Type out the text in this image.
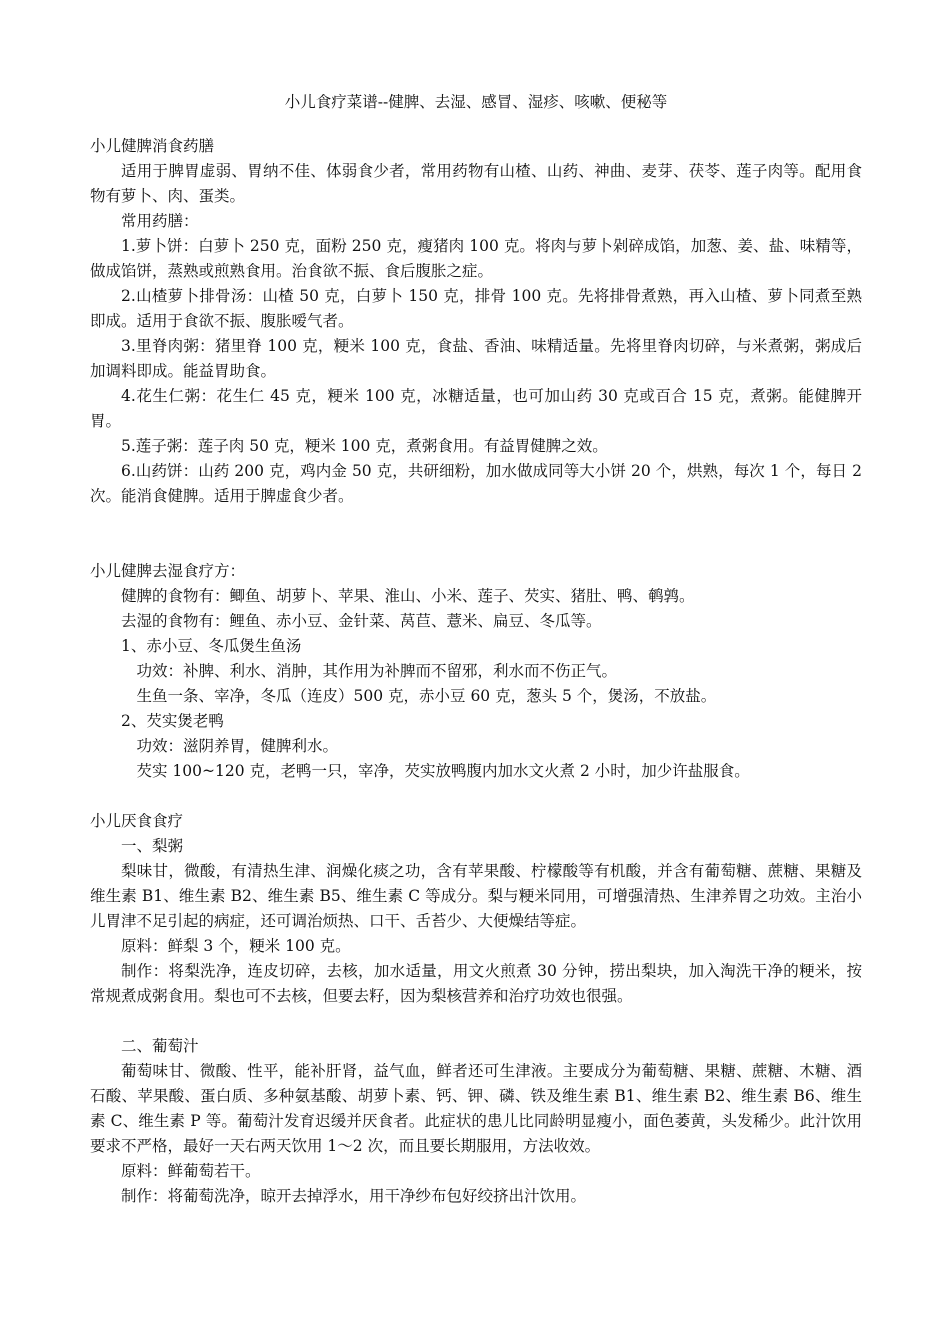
小儿食疗菜谱--健脾、去湿、感冒、湿疹、咳嗽、便秘等
小儿健脾消食药膳
适用于脾胃虚弱、胃纳不佳、体弱食少者，常用药物有山楂、山药、神曲、麦芽、茯苓、莲子肉等。配用食物有萝卜、肉、蛋类。
常用药膳：
1.萝卜饼：白萝卜 250 克，面粉 250 克，瘦猪肉 100 克。将肉与萝卜剁碎成馅，加葱、姜、盐、味精等，做成馅饼，蒸熟或煎熟食用。治食欲不振、食后腹胀之症。
2.山楂萝卜排骨汤：山楂 50 克，白萝卜 150 克，排骨 100 克。先将排骨煮熟，再入山楂、萝卜同煮至熟即成。适用于食欲不振、腹胀嗳气者。
3.里脊肉粥：猪里脊 100 克，粳米 100 克，食盐、香油、味精适量。先将里脊肉切碎，与米煮粥，粥成后加调料即成。能益胃助食。
4.花生仁粥：花生仁 45 克，粳米 100 克，冰糖适量，也可加山药 30 克或百合 15 克，煮粥。能健脾开胃。
5.莲子粥：莲子肉 50 克，粳米 100 克，煮粥食用。有益胃健脾之效。
6.山药饼：山药 200 克，鸡内金 50 克，共研细粉，加水做成同等大小饼 20 个，烘熟，每次 1 个，每日 2 次。能消食健脾。适用于脾虚食少者。
小儿健脾去湿食疗方：
健脾的食物有：鲫鱼、胡萝卜、苹果、淮山、小米、莲子、芡实、猪肚、鸭、鹌鹑。
去湿的食物有：鲤鱼、赤小豆、金针菜、莴苣、薏米、扁豆、冬瓜等。
1、赤小豆、冬瓜煲生鱼汤
功效：补脾、利水、消肿，其作用为补脾而不留邪，利水而不伤正气。
生鱼一条、宰净，冬瓜（连皮）500 克，赤小豆 60 克，葱头 5 个，煲汤，不放盐。
2、芡实煲老鸭
功效：滋阴养胃，健脾利水。
芡实 100~120 克，老鸭一只，宰净，芡实放鸭腹内加水文火煮 2 小时，加少许盐服食。
小儿厌食食疗
一、梨粥
梨味甘，微酸，有清热生津、润燥化痰之功，含有苹果酸、柠檬酸等有机酸，并含有葡萄糖、蔗糖、果糖及维生素 B1、维生素 B2、维生素 B5、维生素 C 等成分。梨与粳米同用，可增强清热、生津养胃之功效。主治小儿胃津不足引起的病症，还可调治烦热、口干、舌苔少、大便燥结等症。
原料：鲜梨 3 个，粳米 100 克。
制作：将梨洗净，连皮切碎，去核，加水适量，用文火煎煮 30 分钟，捞出梨块，加入淘洗干净的粳米，按常规煮成粥食用。梨也可不去核，但要去籽，因为梨核营养和治疗功效也很强。
二、葡萄汁
葡萄味甘、微酸、性平，能补肝肾，益气血，鲜者还可生津液。主要成分为葡萄糖、果糖、蔗糖、木糖、酒石酸、苹果酸、蛋白质、多种氨基酸、胡萝卜素、钙、钾、磷、铁及维生素 B1、维生素 B2、维生素 B6、维生素 C、维生素 P 等。葡萄汁发育迟缓并厌食者。此症状的患儿比同龄明显瘦小，面色萎黄，头发稀少。此汁饮用要求不严格，最好一天右两天饮用 1～2 次，而且要长期服用，方法收效。
原料：鲜葡萄若干。
制作：将葡萄洗净，晾开去掉浮水，用干净纱布包好绞挤出汁饮用。
